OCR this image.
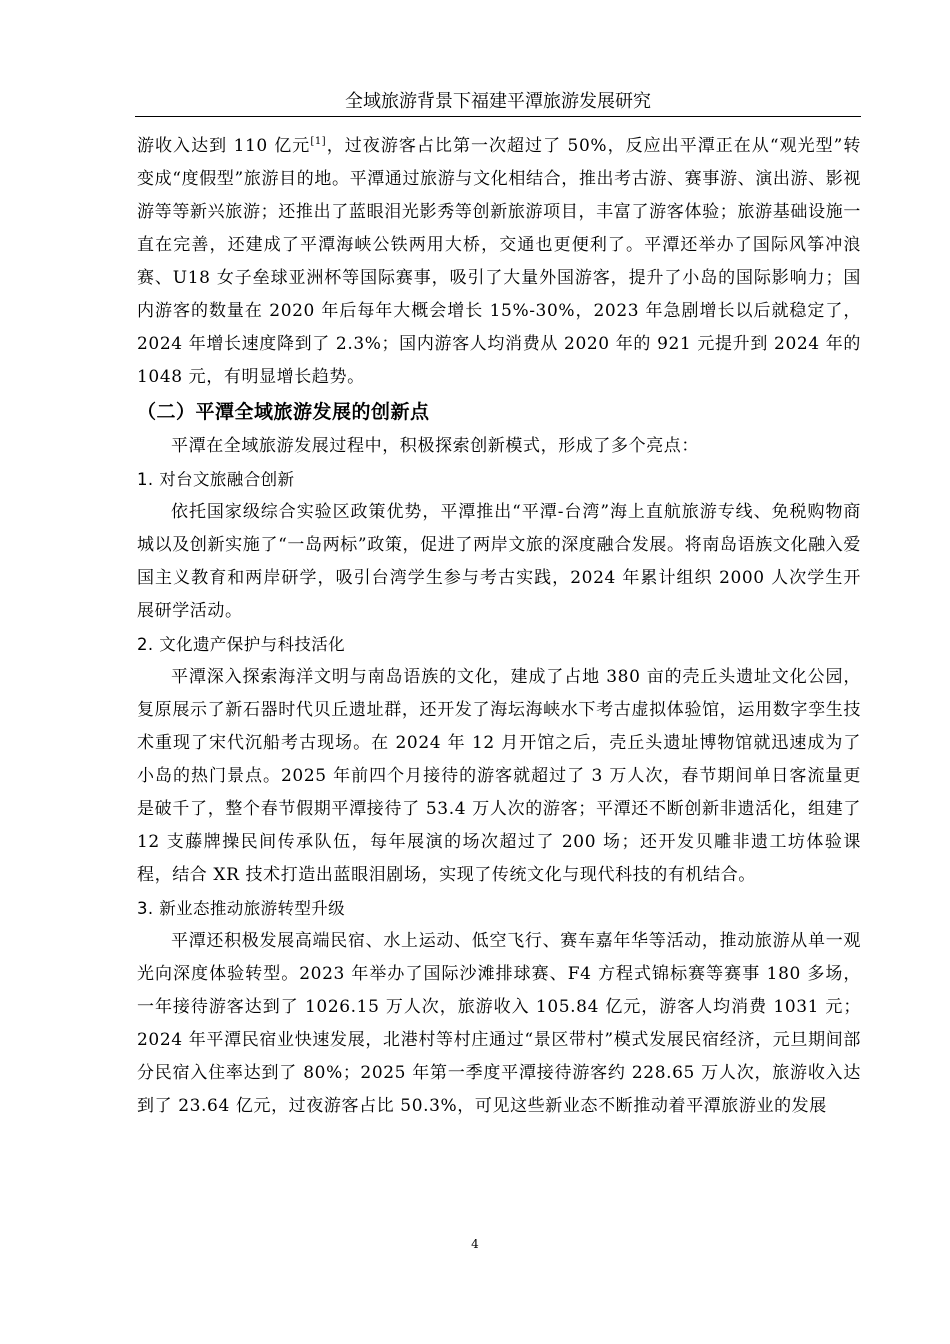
全域旅游背景下福建平潭旅游发展研究

游收入达到 110 亿元[1]，过夜游客占比第一次超过了 50%，反应出平潭正在从“观光型”转变成“度假型”旅游目的地。平潭通过旅游与文化相结合，推出考古游、赛事游、演出游、影视游等等新兴旅游；还推出了蓝眼泪光影秀等创新旅游项目，丰富了游客体验；旅游基础设施一直在完善，还建成了平潭海峡公铁两用大桥，交通也更便利了。平潭还举办了国际风筝冲浪赛、U18 女子垒球亚洲杯等国际赛事，吸引了大量外国游客，提升了小岛的国际影响力；国内游客的数量在 2020 年后每年大概会增长 15%-30%，2023 年急剧增长以后就稳定了，2024 年增长速度降到了 2.3%；国内游客人均消费从 2020 年的 921 元提升到 2024 年的 1048 元，有明显增长趋势。

（二）平潭全域旅游发展的创新点

平潭在全域旅游发展过程中，积极探索创新模式，形成了多个亮点：

1. 对台文旅融合创新

依托国家级综合实验区政策优势，平潭推出“平潭-台湾”海上直航旅游专线、免税购物商城以及创新实施了“一岛两标”政策，促进了两岸文旅的深度融合发展。将南岛语族文化融入爱国主义教育和两岸研学，吸引台湾学生参与考古实践，2024 年累计组织 2000 人次学生开展研学活动。

2. 文化遗产保护与科技活化

平潭深入探索海洋文明与南岛语族的文化，建成了占地 380 亩的壳丘头遗址文化公园，复原展示了新石器时代贝丘遗址群，还开发了海坛海峡水下考古虚拟体验馆，运用数字孪生技术重现了宋代沉船考古现场。在 2024 年 12 月开馆之后，壳丘头遗址博物馆就迅速成为了小岛的热门景点。2025 年前四个月接待的游客就超过了 3 万人次，春节期间单日客流量更是破千了，整个春节假期平潭接待了 53.4 万人次的游客；平潭还不断创新非遗活化，组建了 12 支藤牌操民间传承队伍，每年展演的场次超过了 200 场；还开发贝雕非遗工坊体验课程，结合 XR 技术打造出蓝眼泪剧场，实现了传统文化与现代科技的有机结合。

3. 新业态推动旅游转型升级

平潭还积极发展高端民宿、水上运动、低空飞行、赛车嘉年华等活动，推动旅游从单一观光向深度体验转型。2023 年举办了国际沙滩排球赛、F4 方程式锦标赛等赛事 180 多场，一年接待游客达到了 1026.15 万人次，旅游收入 105.84 亿元，游客人均消费 1031 元；2024 年平潭民宿业快速发展，北港村等村庄通过“景区带村”模式发展民宿经济，元旦期间部分民宿入住率达到了 80%；2025 年第一季度平潭接待游客约 228.65 万人次，旅游收入达到了 23.64 亿元，过夜游客占比 50.3%，可见这些新业态不断推动着平潭旅游业的发展

4
